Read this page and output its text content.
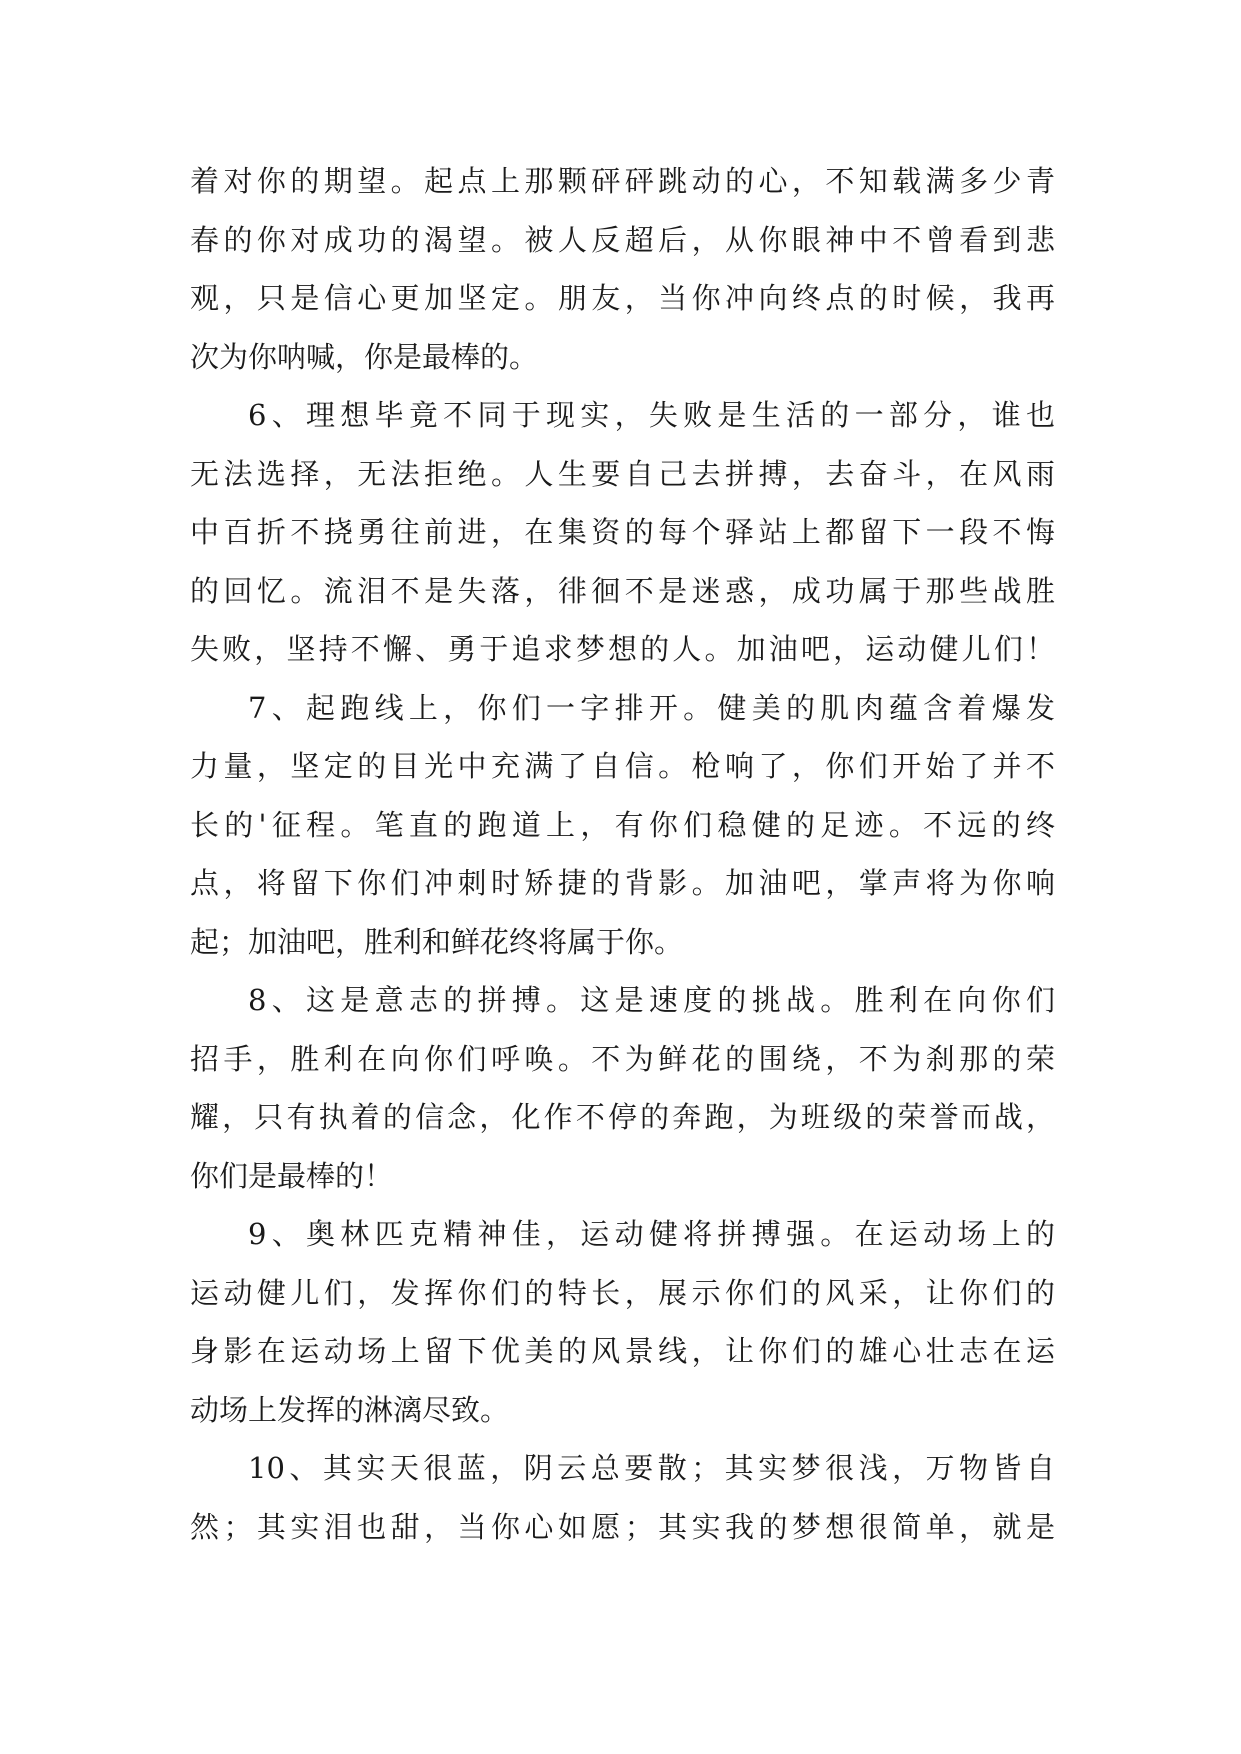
着对你的期望。起点上那颗砰砰跳动的心，不知载满多少青
春的你对成功的渴望。被人反超后，从你眼神中不曾看到悲
观，只是信心更加坚定。朋友，当你冲向终点的时候，我再
次为你呐喊，你是最棒的。
6、理想毕竟不同于现实，失败是生活的一部分，谁也
无法选择，无法拒绝。人生要自己去拼搏，去奋斗，在风雨
中百折不挠勇往前进，在集资的每个驿站上都留下一段不悔
的回忆。流泪不是失落，徘徊不是迷惑，成功属于那些战胜
失败，坚持不懈、勇于追求梦想的人。加油吧，运动健儿们！
7、起跑线上，你们一字排开。健美的肌肉蕴含着爆发
力量，坚定的目光中充满了自信。枪响了，你们开始了并不
长的'征程。笔直的跑道上，有你们稳健的足迹。不远的终
点，将留下你们冲刺时矫捷的背影。加油吧，掌声将为你响
起；加油吧，胜利和鲜花终将属于你。
8、这是意志的拼搏。这是速度的挑战。胜利在向你们
招手，胜利在向你们呼唤。不为鲜花的围绕，不为刹那的荣
耀，只有执着的信念，化作不停的奔跑，为班级的荣誉而战，
你们是最棒的！
9、奥林匹克精神佳，运动健将拼搏强。在运动场上的
运动健儿们，发挥你们的特长，展示你们的风采，让你们的
身影在运动场上留下优美的风景线，让你们的雄心壮志在运
动场上发挥的淋漓尽致。
10、其实天很蓝，阴云总要散；其实梦很浅，万物皆自
然；其实泪也甜，当你心如愿；其实我的梦想很简单，就是
